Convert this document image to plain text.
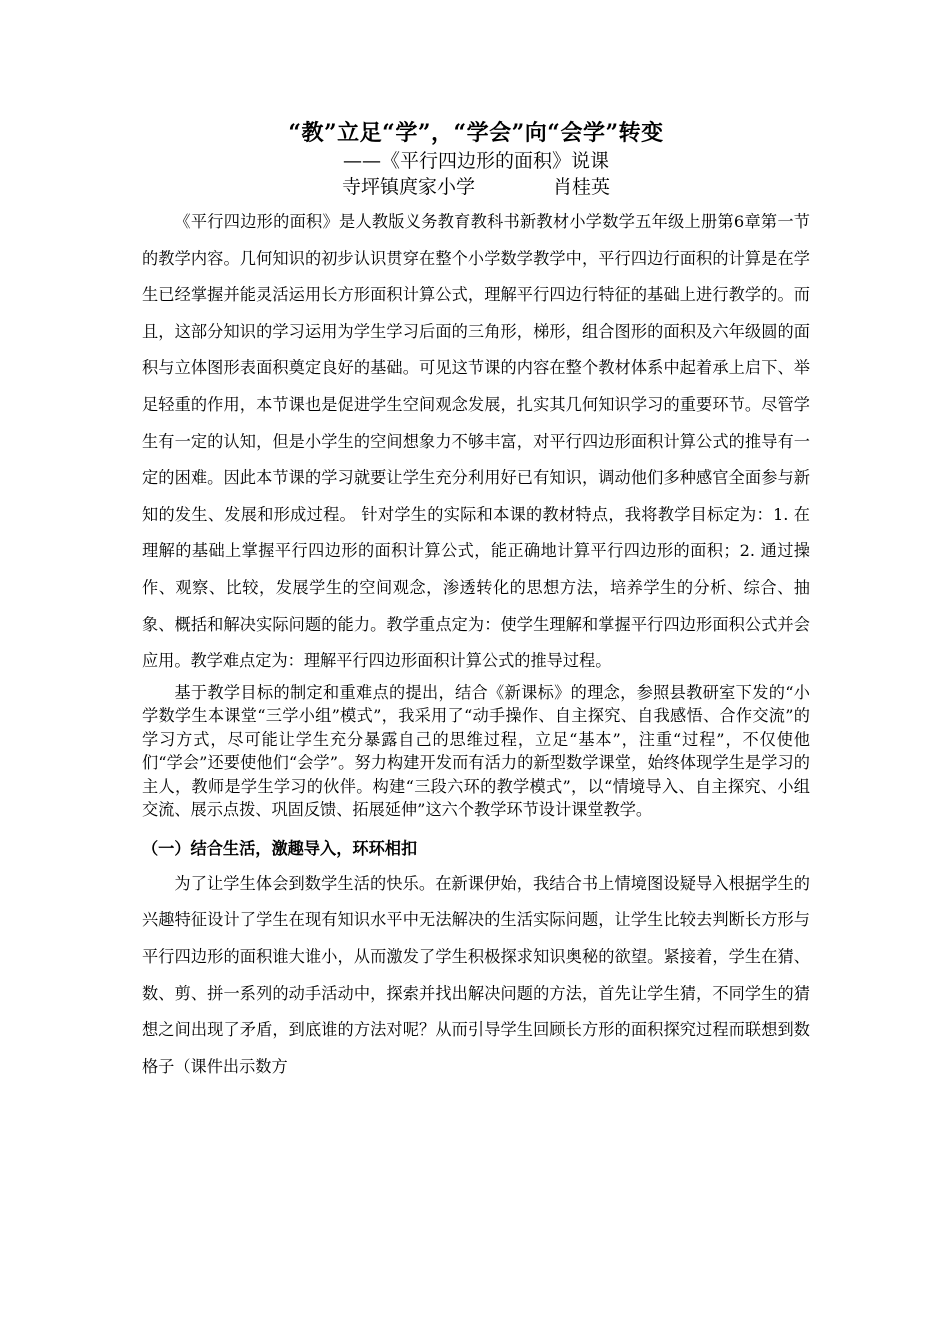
“教”立足“学”，“学会”向“会学”转变
——《平行四边形的面积》说课
寺坪镇庹家小学	肖桂英

《平行四边形的面积》是人教版义务教育教科书新教材小学数学五年级上册第6章第一节的教学内容。几何知识的初步认识贯穿在整个小学数学教学中，平行四边行面积的计算是在学生已经掌握并能灵活运用长方形面积计算公式，理解平行四边行特征的基础上进行教学的。而且，这部分知识的学习运用为学生学习后面的三角形，梯形，组合图形的面积及六年级圆的面积与立体图形表面积奠定良好的基础。可见这节课的内容在整个教材体系中起着承上启下、举足轻重的作用，本节课也是促进学生空间观念发展，扎实其几何知识学习的重要环节。尽管学生有一定的认知，但是小学生的空间想象力不够丰富，对平行四边形面积计算公式的推导有一定的困难。因此本节课的学习就要让学生充分利用好已有知识，调动他们多种感官全面参与新知的发生、发展和形成过程。 针对学生的实际和本课的教材特点，我将教学目标定为：1. 在理解的基础上掌握平行四边形的面积计算公式，能正确地计算平行四边形的面积；2. 通过操作、观察、比较，发展学生的空间观念，渗透转化的思想方法，培养学生的分析、综合、抽象、概括和解决实际问题的能力。教学重点定为：使学生理解和掌握平行四边形面积公式并会应用。教学难点定为：理解平行四边形面积计算公式的推导过程。

基于教学目标的制定和重难点的提出，结合《新课标》的理念，参照县教研室下发的“小学数学生本课堂“三学小组”模式”，我采用了“动手操作、自主探究、自我感悟、合作交流”的学习方式，尽可能让学生充分暴露自己的思维过程，立足“基本”，注重“过程”，不仅使他们“学会”还要使他们“会学”。努力构建开发而有活力的新型数学课堂，始终体现学生是学习的主人，教师是学生学习的伙伴。构建“三段六环的教学模式”，以“情境导入、自主探究、小组交流、展示点拨、巩固反馈、拓展延伸”这六个教学环节设计课堂教学。

（一）结合生活，激趣导入，环环相扣

为了让学生体会到数学生活的快乐。在新课伊始，我结合书上情境图设疑导入根据学生的兴趣特征设计了学生在现有知识水平中无法解决的生活实际问题，让学生比较去判断长方形与平行四边形的面积谁大谁小，从而激发了学生积极探求知识奥秘的欲望。紧接着，学生在猜、数、剪、拼一系列的动手活动中，探索并找出解决问题的方法，首先让学生猜，不同学生的猜想之间出现了矛盾，到底谁的方法对呢？从而引导学生回顾长方形的面积探究过程而联想到数格子（课件出示数方
